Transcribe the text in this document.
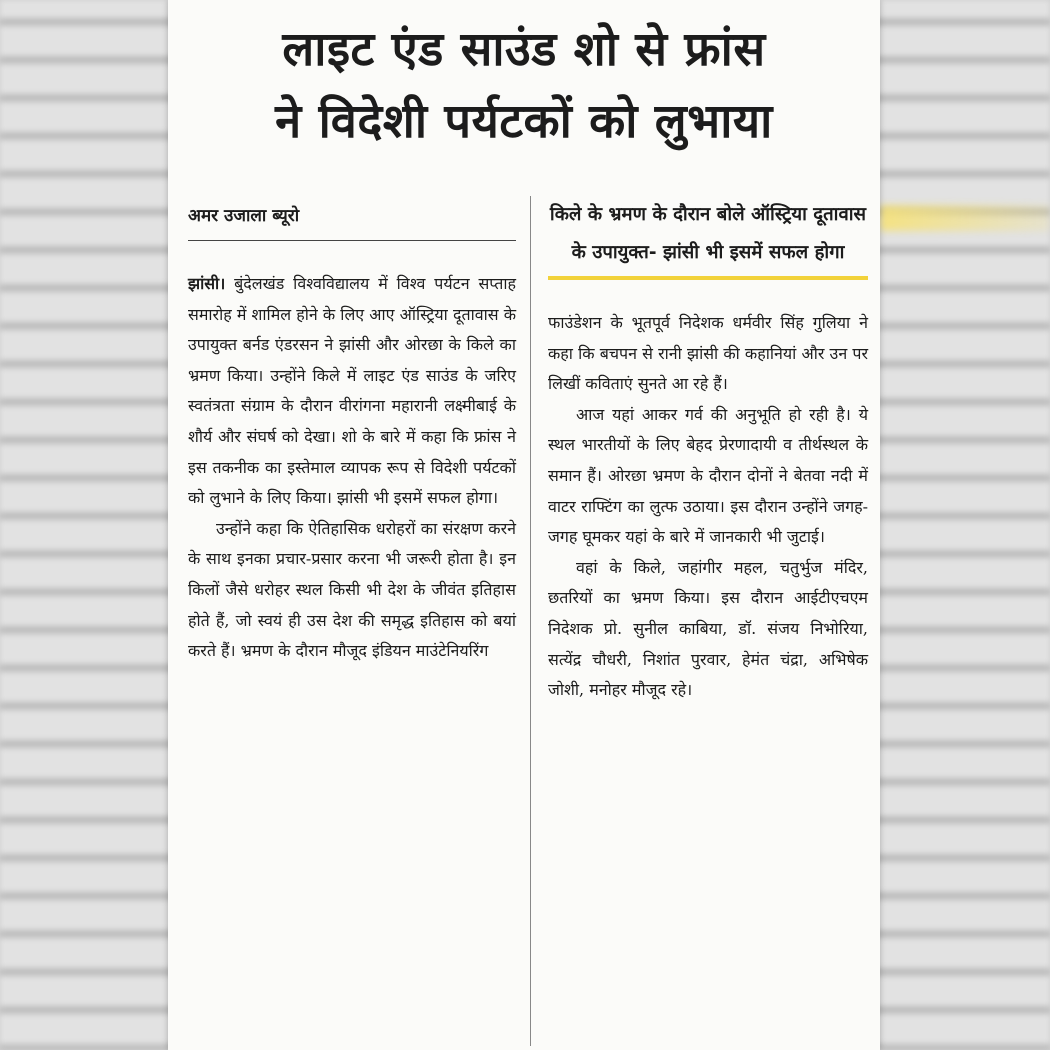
लाइट एंड साउंड शो से फ्रांस
ने विदेशी पर्यटकों को लुभाया
अमर उजाला ब्यूरो

झांसी। बुंदेलखंड विश्वविद्यालय में विश्व पर्यटन सप्ताह समारोह में शामिल होने के लिए आए ऑस्ट्रिया दूतावास के उपायुक्त बर्नड एंडरसन ने झांसी और ओरछा के किले का भ्रमण किया। उन्होंने किले में लाइट एंड साउंड के जरिए स्वतंत्रता संग्राम के दौरान वीरांगना महारानी लक्ष्मीबाई के शौर्य और संघर्ष को देखा। शो के बारे में कहा कि फ्रांस ने इस तकनीक का इस्तेमाल व्यापक रूप से विदेशी पर्यटकों को लुभाने के लिए किया। झांसी भी इसमें सफल होगा।

उन्होंने कहा कि ऐतिहासिक धरोहरों का संरक्षण करने के साथ इनका प्रचार-प्रसार करना भी जरूरी होता है। इन किलों जैसे धरोहर स्थल किसी भी देश के जीवंत इतिहास होते हैं, जो स्वयं ही उस देश की समृद्ध इतिहास को बयां करते हैं। भ्रमण के दौरान मौजूद इंडियन माउंटेनियरिंग

किले के भ्रमण के दौरान बोले ऑस्ट्रिया दूतावास के उपायुक्त- झांसी भी इसमें सफल होगा

फाउंडेशन के भूतपूर्व निदेशक धर्मवीर सिंह गुलिया ने कहा कि बचपन से रानी झांसी की कहानियां और उन पर लिखीं कविताएं सुनते आ रहे हैं।

आज यहां आकर गर्व की अनुभूति हो रही है। ये स्थल भारतीयों के लिए बेहद प्रेरणादायी व तीर्थस्थल के समान हैं। ओरछा भ्रमण के दौरान दोनों ने बेतवा नदी में वाटर राफ्टिंग का लुत्फ उठाया। इस दौरान उन्होंने जगह-जगह घूमकर यहां के बारे में जानकारी भी जुटाई।

वहां के किले, जहांगीर महल, चतुर्भुज मंदिर, छतरियों का भ्रमण किया। इस दौरान आईटीएचएम निदेशक प्रो. सुनील काबिया, डॉ. संजय निभोरिया, सत्येंद्र चौधरी, निशांत पुरवार, हेमंत चंद्रा, अभिषेक जोशी, मनोहर मौजूद रहे।
